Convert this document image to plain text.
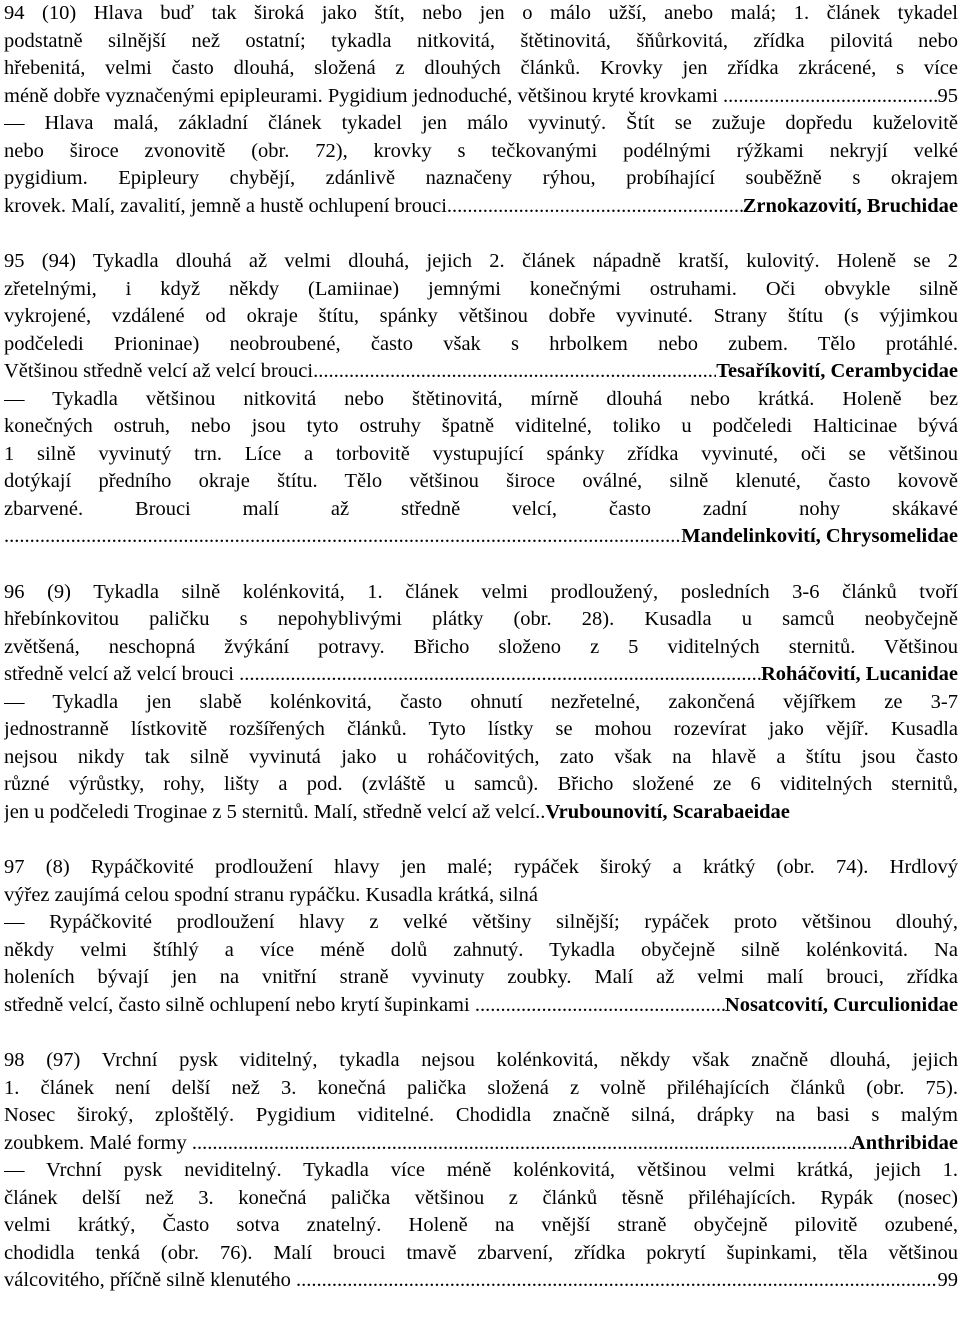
94 (10) Hlava buď tak široká jako štít, nebo jen o málo užší, anebo malá; 1. článek tykadel
podstatně silnější než ostatní; tykadla nitkovitá, štětinovitá, šňůrkovitá, zřídka pilovitá nebo
hřebenitá, velmi často dlouhá, složená z dlouhých článků. Krovky jen zřídka zkrácené, s více
méně dobře vyznačenými epipleurami. Pygidium jednoduché, většinou kryté krovkami . .....	95
— Hlava malá, základní článek tykadel jen málo vyvinutý. Štít se zužuje dopředu kuželovitě
nebo široce zvonovitě (obr. 72), krovky s tečkovanými podélnými rýžkami nekryjí velké
pygidium. Epipleury chybějí, zdánlivě naznačeny rýhou, probíhající souběžně s okrajem
krovek. Malí, zavalití, jemně a hustě ochlupení brouci .....	Zrnokazovití, Bruchidae
95 (94) Tykadla dlouhá až velmi dlouhá, jejich 2. článek nápadně kratší, kulovitý. Holeně se 2
zřetelnými, i když někdy (Lamiinae) jemnými konečnými ostruhami. Oči obvykle silně
vykrojené, vzdálené od okraje štítu, spánky většinou dobře vyvinuté. Strany štítu (s výjimkou
podčeledi Prioninae) neobroubené, často však s hrbolkem nebo zubem. Tělo protáhlé.
Většinou středně velcí až velcí brouci .....	Tesaříkovití, Cerambycidae
— Tykadla většinou nitkovitá nebo štětinovitá, mírně dlouhá nebo krátká. Holeně bez
konečných ostruh, nebo jsou tyto ostruhy špatně viditelné, toliko u podčeledi Halticinae bývá
1 silně vyvinutý trn. Líce a torbovitě vystupující spánky zřídka vyvinuté, oči se většinou
dotýkají předního okraje štítu. Tělo většinou široce oválné, silně klenuté, často kovově
zbarvené. Brouci malí až středně velcí, často zadní nohy skákavé
.....
Mandelinkovití, Chrysomelidae
96 (9) Tykadla silně kolénkovitá, 1. článek velmi prodloužený, posledních 3-6 článků tvoří
hřebínkovitou paličku s nepohyblivými plátky (obr. 28). Kusadla u samců neobyčejně
zvětšená, neschopná žvýkání potravy. Břicho složeno z 5 viditelných sternitů. Většinou
středně velcí až velcí brouci . .....	Roháčovití, Lucanidae
— Tykadla jen slabě kolénkovitá, často ohnutí nezřetelné, zakončená vějířkem ze 3-7
jednostranně lístkovitě rozšířených článků. Tyto lístky se mohou rozevírat jako vějíř. Kusadla
nejsou nikdy tak silně vyvinutá jako u roháčovitých, zato však na hlavě a štítu jsou často
různé výrůstky, rohy, lišty a pod. (zvláště u samců). Břicho složené ze 6 viditelných sternitů,
jen u podčeledi Troginae z 5 sternitů. Malí, středně velcí až velcí .. Vrubounovití, Scarabaeidae
97 (8) Rypáčkovité prodloužení hlavy jen malé; rypáček široký a krátký (obr. 74). Hrdlový
výřez zaujímá celou spodní stranu rypáčku. Kusadla krátká, silná
— Rypáčkovité prodloužení hlavy z velké většiny silnější; rypáček proto většinou dlouhý,
někdy velmi štíhlý a více méně dolů zahnutý. Tykadla obyčejně silně kolénkovitá. Na
holeních bývají jen na vnitřní straně vyvinuty zoubky. Malí až velmi malí brouci, zřídka
středně velcí, často silně ochlupení nebo krytí šupinkami . .....	Nosatcovití, Curculionidae
98 (97) Vrchní pysk viditelný, tykadla nejsou kolénkovitá, někdy však značně dlouhá, jejich
1. článek není delší než 3. konečná palička složená z volně přiléhajících článků (obr. 75).
Nosec široký, zploštělý. Pygidium viditelné. Chodidla značně silná, drápky na basi s malým
zoubkem. Malé formy . .....	Anthribidae
— Vrchní pysk neviditelný. Tykadla více méně kolénkovitá, většinou velmi krátká, jejich 1.
článek delší než 3. konečná palička většinou z článků těsně přiléhajících. Rypák (nosec)
velmi krátký, Často sotva znatelný. Holeně na vnější straně obyčejně pilovitě ozubené,
chodidla tenká (obr. 76). Malí brouci tmavě zbarvení, zřídka pokrytí šupinkami, těla většinou
válcovitého, příčně silně klenutého . .....	99
